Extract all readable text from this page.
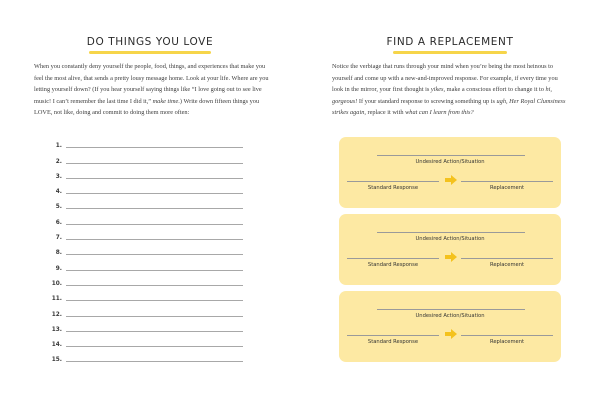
DO THINGS YOU LOVE
When you constantly deny yourself the people, food, things, and experiences that make you feel the most alive, that sends a pretty lousy message home. Look at your life. Where are you letting yourself down? (If you hear yourself saying things like “I love going out to see live music! I can’t remember the last time I did it,” make time.) Write down fifteen things you LOVE, not like, doing and commit to doing them more often:
1.
2.
3.
4.
5.
6.
7.
8.
9.
10.
11.
12.
13.
14.
15.
FIND A REPLACEMENT
Notice the verbiage that runs through your mind when you’re being the most heinous to yourself and come up with a new-and-improved response. For example, if every time you look in the mirror, your first thought is yikes, make a conscious effort to change it to hi, gorgeous! If your standard response to screwing something up is ugh, Her Royal Clumsiness strikes again, replace it with what can I learn from this?
Undesired Action/Situation
Standard Response	Replacement
Undesired Action/Situation
Standard Response	Replacement
Undesired Action/Situation
Standard Response	Replacement
